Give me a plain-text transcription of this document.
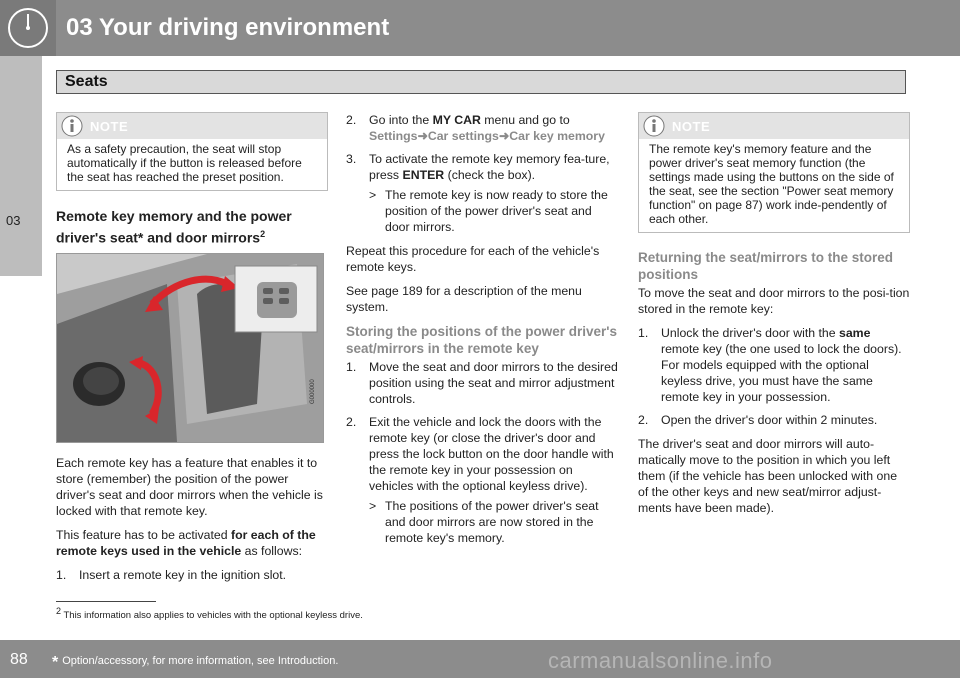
03 Your driving environment
Seats
03
NOTE
As a safety precaution, the seat will stop automatically if the button is released before the seat has reached the preset position.
Remote key memory and the power driver's seat* and door mirrors$^2$
G000000

Each remote key has a feature that enables it to store (remember) the position of the power driver's seat and door mirrors when the vehicle is locked with that remote key.

This feature has to be activated for each of the remote keys used in the vehicle as follows:

1. Insert a remote key in the ignition slot.
2. Go into the MY CAR menu and go to
Settings➜Car settings➜Car key memory
3. To activate the remote key memory fea-ture, press ENTER (check the box).
> The remote key is now ready to store the position of the power driver's seat and door mirrors.

Repeat this procedure for each of the vehicle's remote keys.

See page 189 for a description of the menu system.

Storing the positions of the power driver's seat/mirrors in the remote key
1. Move the seat and door mirrors to the desired position using the seat and mirror adjustment controls.
2. Exit the vehicle and lock the doors with the remote key (or close the driver's door and press the lock button on the door handle with the remote key in your possession on vehicles with the optional keyless drive).
> The positions of the power driver's seat and door mirrors are now stored in the remote key's memory.
NOTE
The remote key's memory feature and the power driver's seat memory function (the settings made using the buttons on the side of the seat, see the section "Power seat memory function" on page 87) work inde-pendently of each other.
Returning the seat/mirrors to the stored positions

To move the seat and door mirrors to the posi-tion stored in the remote key:

1. Unlock the driver's door with the same remote key (the one used to lock the doors). For models equipped with the optional keyless drive, you must have the same remote key in your possession.
2. Open the driver's door within 2 minutes.

The driver's seat and door mirrors will auto-matically move to the position in which you left them (if the vehicle has been unlocked with one of the other keys and new seat/mirror adjust-ments have been made).

$^2$ This information also applies to vehicles with the optional keyless drive.
88 * Option/accessory, for more information, see Introduction.	carmanualsonline.info
